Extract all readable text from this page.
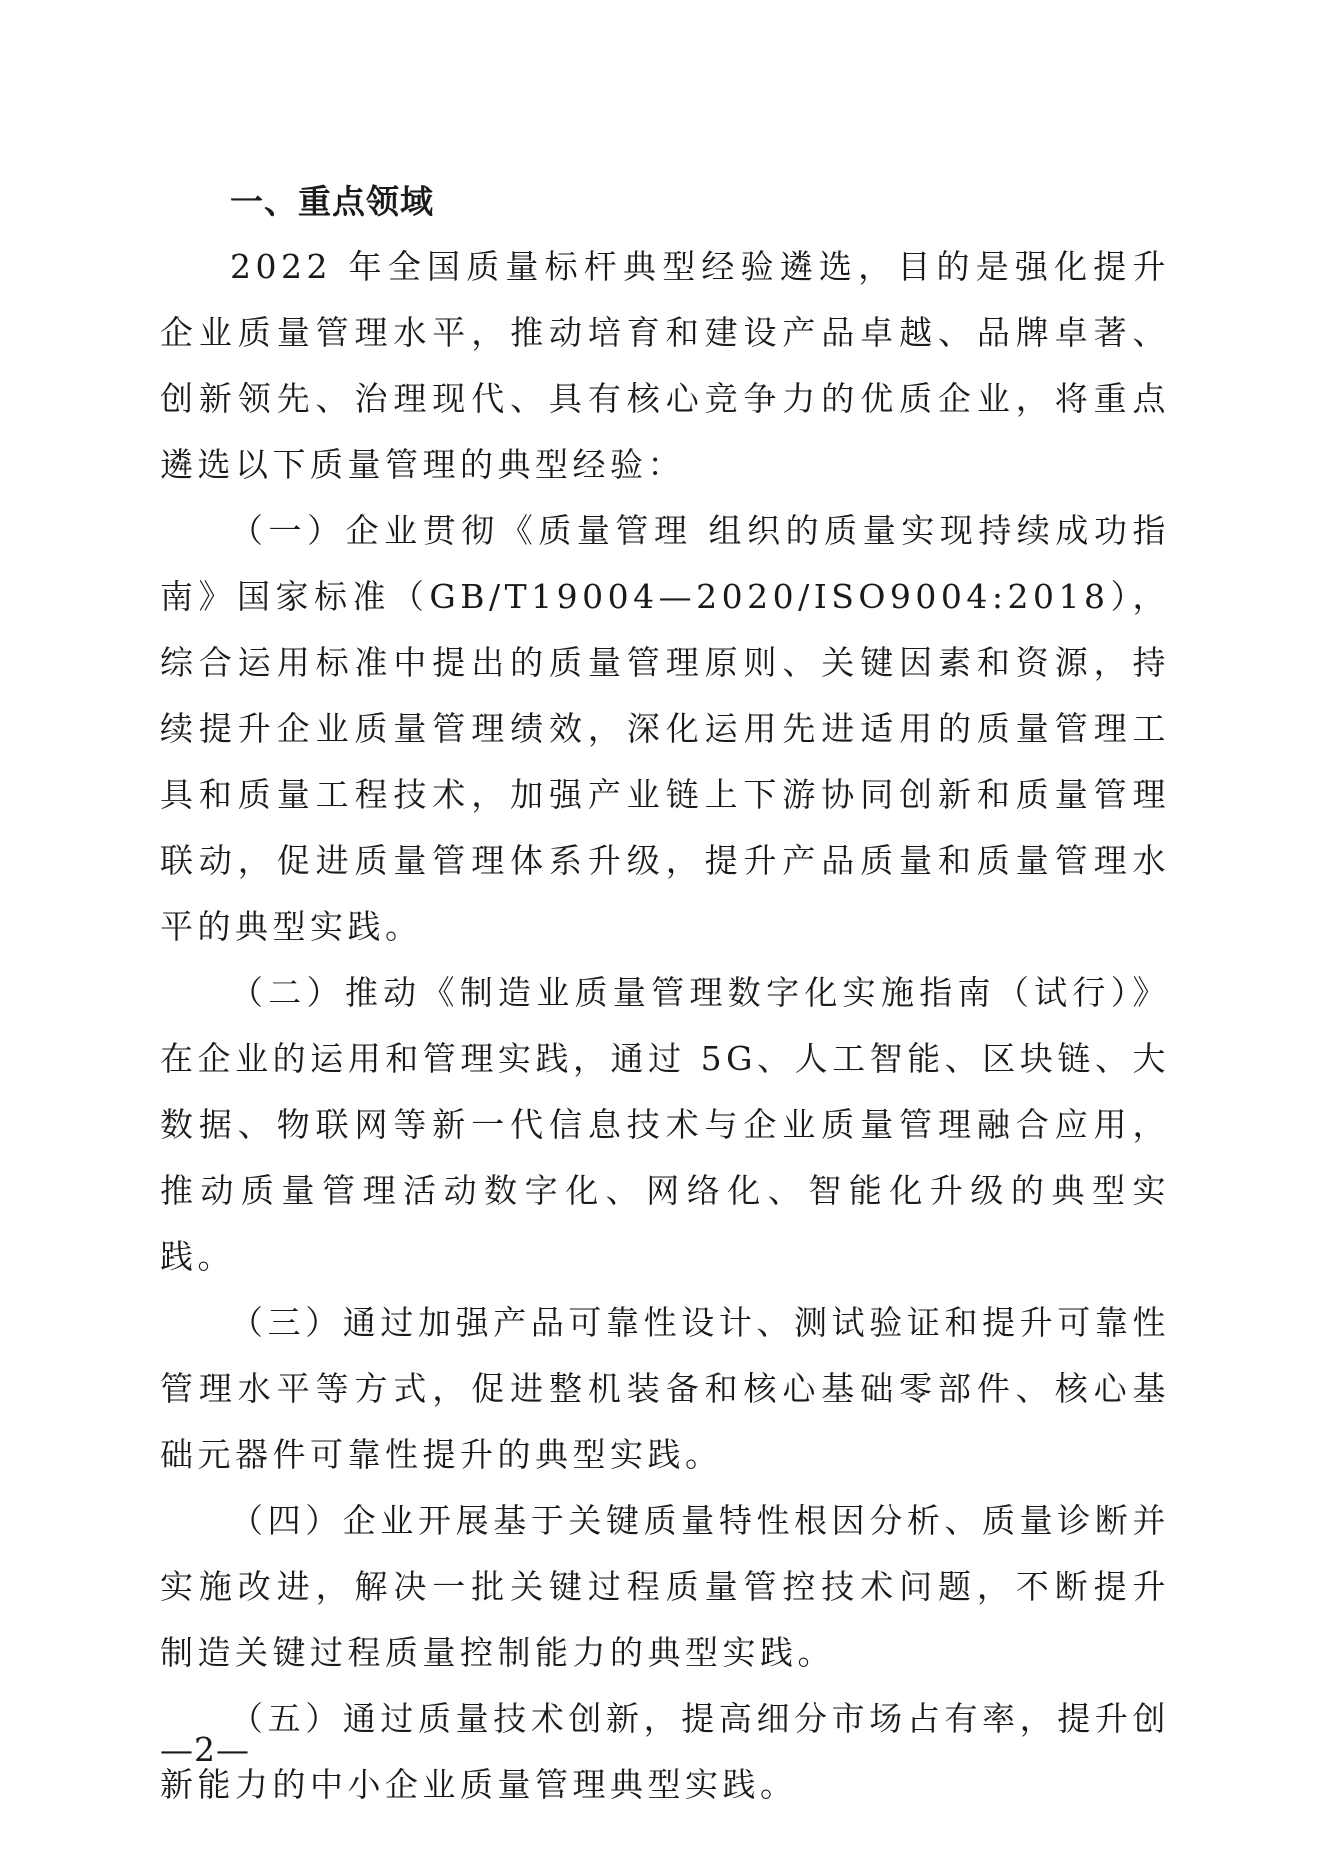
一、重点领域

2022 年全国质量标杆典型经验遴选，目的是强化提升企业质量管理水平，推动培育和建设产品卓越、品牌卓著、创新领先、治理现代、具有核心竞争力的优质企业，将重点遴选以下质量管理的典型经验：

（一）企业贯彻《质量管理 组织的质量实现持续成功指南》国家标准（GB/T19004—2020/ISO9004:2018），综合运用标准中提出的质量管理原则、关键因素和资源，持续提升企业质量管理绩效，深化运用先进适用的质量管理工具和质量工程技术，加强产业链上下游协同创新和质量管理联动，促进质量管理体系升级，提升产品质量和质量管理水平的典型实践。

（二）推动《制造业质量管理数字化实施指南（试行）》在企业的运用和管理实践，通过 5G、人工智能、区块链、大数据、物联网等新一代信息技术与企业质量管理融合应用，推动质量管理活动数字化、网络化、智能化升级的典型实践。

（三）通过加强产品可靠性设计、测试验证和提升可靠性管理水平等方式，促进整机装备和核心基础零部件、核心基础元器件可靠性提升的典型实践。

（四）企业开展基于关键质量特性根因分析、质量诊断并实施改进，解决一批关键过程质量管控技术问题，不断提升制造关键过程质量控制能力的典型实践。

（五）通过质量技术创新，提高细分市场占有率，提升创新能力的中小企业质量管理典型实践。

—2—
